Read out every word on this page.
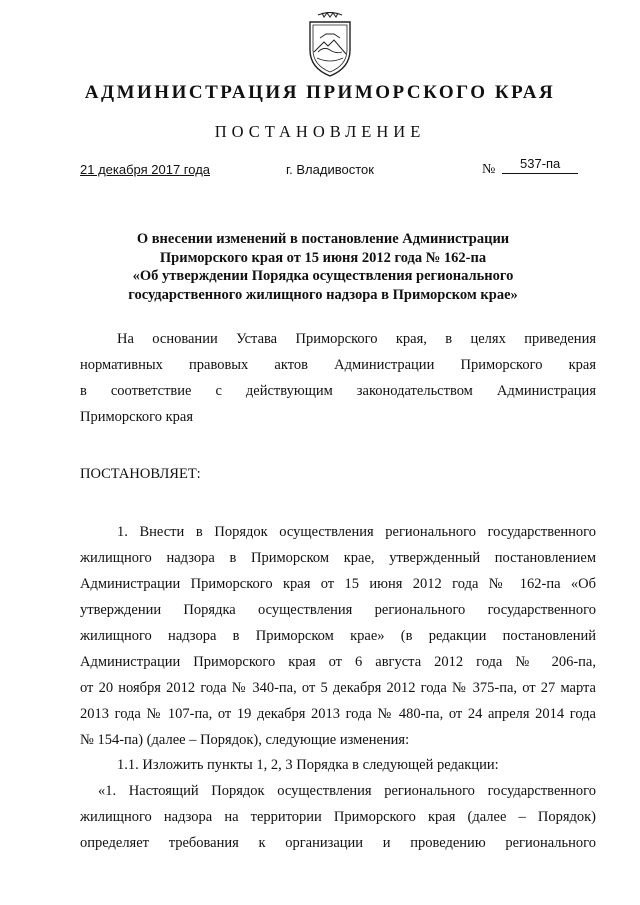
АДМИНИСТРАЦИЯ ПРИМОРСКОГО КРАЯ
ПОСТАНОВЛЕНИЕ
21 декабря 2017 года	г. Владивосток	№ 537-па
О внесении изменений в постановление Администрации
Приморского края от 15 июня 2012 года № 162-па
«Об утверждении Порядка осуществления регионального
государственного жилищного надзора в Приморском крае»
На основании Устава Приморского края, в целях приведения
нормативных правовых актов Администрации Приморского края
в соответствие с действующим законодательством Администрация
Приморского края
ПОСТАНОВЛЯЕТ:
1. Внести в Порядок осуществления регионального государственного
жилищного надзора в Приморском крае, утвержденный постановлением
Администрации Приморского края от 15 июня 2012 года № 162-па «Об
утверждении Порядка осуществления регионального государственного
жилищного надзора в Приморском крае» (в редакции постановлений
Администрации Приморского края от 6 августа 2012 года № 206-па,
от 20 ноября 2012 года № 340-па, от 5 декабря 2012 года № 375-па, от 27 марта
2013 года № 107-па, от 19 декабря 2013 года № 480-па, от 24 апреля 2014 года
№ 154-па) (далее – Порядок), следующие изменения:
1.1. Изложить пункты 1, 2, 3 Порядка в следующей редакции:
«1. Настоящий Порядок осуществления регионального государственного
жилищного надзора на территории Приморского края (далее – Порядок)
определяет требования к организации и проведению регионального
